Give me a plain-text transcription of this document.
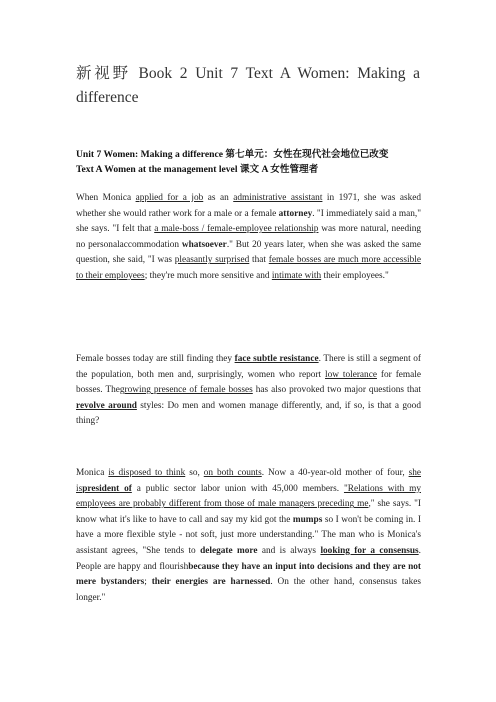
新视野 Book 2 Unit 7 Text A Women: Making a difference
Unit 7 Women: Making a difference 第七单元：女性在现代社会地位已改变
Text A Women at the management level 课文 A 女性管理者
When Monica applied for a job as an administrative assistant in 1971, she was asked whether she would rather work for a male or a female attorney. "I immediately said a man," she says. "I felt that a male-boss / female-employee relationship was more natural, needing no personalaccommodation whatsoever." But 20 years later, when she was asked the same question, she said, "I was pleasantly surprised that female bosses are much more accessible to their employees; they're much more sensitive and intimate with their employees."
Female bosses today are still finding they face subtle resistance. There is still a segment of the population, both men and, surprisingly, women who report low tolerance for female bosses. Thegrowing presence of female bosses has also provoked two major questions that revolve around styles: Do men and women manage differently, and, if so, is that a good thing?
Monica is disposed to think so, on both counts. Now a 40-year-old mother of four, she ispresident of a public sector labor union with 45,000 members. "Relations with my employees are probably different from those of male managers preceding me," she says. "I know what it's like to have to call and say my kid got the mumps so I won't be coming in. I have a more flexible style - not soft, just more understanding." The man who is Monica's assistant agrees, "She tends to delegate more and is always looking for a consensus. People are happy and flourishbecause they have an input into decisions and they are not mere bystanders; their energies are harnessed. On the other hand, consensus takes longer."
